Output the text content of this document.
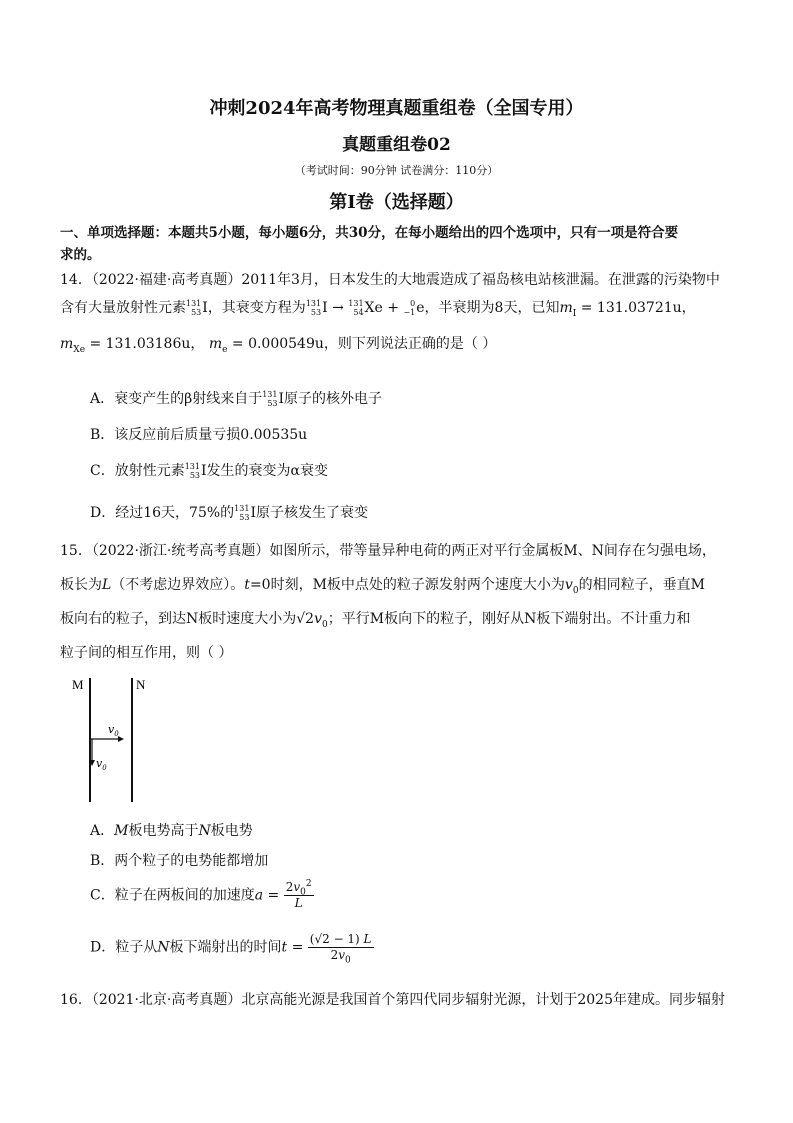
冲刺2024年高考物理真题重组卷（全国专用）
真题重组卷02
（考试时间：90分钟 试卷满分：110分）
第I卷（选择题）
一、单项选择题：本题共5小题，每小题6分，共30分，在每小题给出的四个选项中，只有一项是符合要
求的。
14．（2022·福建·高考真题）2011年3月，日本发生的大地震造成了福岛核电站核泄漏。在泄露的污染物中
含有大量放射性元素131
53I，其衰变方程为131
53I → 131
54Xe + 0
−1e，半衰期为8天，已知$m_I = 131.03721u$，
$m_{Xe} = 131.03186u$， $m_e = 0.000549u$，则下列说法正确的是（ ）
A．衰变产生的β射线来自于131
53I原子的核外电子
B．该反应前后质量亏损0.00535u
C．放射性元素131
53I发生的衰变为α衰变
D．经过16天，75%的131
53I原子核发生了衰变
15．（2022·浙江·统考高考真题）如图所示，带等量异种电荷的两正对平行金属板M、N间存在匀强电场，
板长为L（不考虑边界效应）。t=0时刻，M板中点处的粒子源发射两个速度大小为$v_0$的相同粒子，垂直M
板向右的粒子，到达N板时速度大小为$√2v_0$；平行M板向下的粒子，刚好从N板下端射出。不计重力和
粒子间的相互作用，则（ ）
M	N
$v_0$
$v_0$
A．M板电势高于N板电势
B．两个粒子的电势能都增加
C．粒子在两板间的加速度$a = \frac{2v_0^2}{L}$
D．粒子从N板下端射出的时间$t = \frac{(√2 - 1) L}{2v_0}$
16．（2021·北京·高考真题）北京高能光源是我国首个第四代同步辐射光源，计划于2025年建成。同步辐射
